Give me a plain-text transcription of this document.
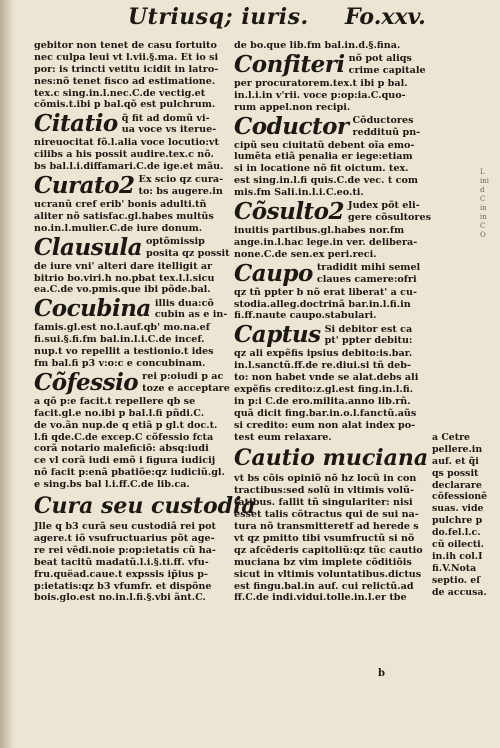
Utriusq; iuris. Fo.xxv.
gebitor non tenet de casu fortuito
nec culpa leui vt l.vii.§.ma. Et io si
por: is trincti vetitu icidit in latro-
nes:nõ tenet fisco ad estimatione.
tex.c sing.in.l.nec.C.de vectig.et
cõmis.t.ibi p bal.qõ est pulchrum.
Citatio q̃ fit ad domũ vi-
ua voce vs iterue-
nireuocitat fõ.l.alia voce locutio:vt
cilibs a his possit audire.tex.c nõ.
bs bal.l.i.diffamari.C.de ige.et mãu.
Curato2 Ex scio qz cura-
to: bs augere.in
ucranũ cref erib' bonis adulti.tñ
aliter nõ satisfac.gl.habes multũs
no.in.l.mulier.C.de iure donum.
Clausula optõmissip
posita qz possit
de iure vni' alteri dare itelligit ar
bitrio bo.viri.h no.pbat tex.l.l.sicu
ea.C.de vo.pmis.que ibi põde.bal.
Cocubina illis dua:cõ
cubin as e in-
famis.gl.est no.l.auf.qb' mo.na.ef
fi.sui.§.fi.fm bal.in.l.i.C.de incef.
nup.t vo repellit a testionio.t ides
fm bal.fi p3 v:o:c e concubinam.
Cõfessio rei p:oiudi p ac
toze e acceptare
a qõ p:e facit.t repellere qb se
facit.gl.e no.ibi p bal.l.fi pñdi.C.
de vo.ãn nup.de q etiã p gl.t doc.t.
l.fi qde.C.de excep.C cõfessio fcta
corã notario maleficiõ: absq:iudi
ce vl corã iudi emõ i figura iudicij
nõ facit p:enã pbatiõe:qz iudiciũ.gl.
e sing.bs bal l.i.ff.C.de lib.ca.
Cura seu custodia
Jlle q b3 curã seu custodiã rei pot
agere.t iõ vsufructuarius põt age-
re rei vẽdi.noie p:op:ietatis cũ ha-
beat tacitũ madatũ.l.i.§.ti.ff. vfu-
fru.quëad.caue.t expssis ip̃ius p-
p:ietatis:qz b3 vfumfr. et dispõne
bois.glo.est no.in.l.fi.§.vbi ãnt.C.
de bo.que lib.fm bal.in.d.§.fina.
Confiteri nõ pot aliqs
crime capitale
per procuratorem.tex.t ibi p bal.
in.l.i.in v'rii. voce p:op:ia.C.quo-
rum appel.non recipi.
Coductor Cõductores
reddituũ pn-
cipũ seu ciuitatũ debent oĩa emo-
lumẽta etiã penalia er iege:etiam
si in locatione nõ fit oictum. tex.
est sing.in.l.fi quis.C.de vec. t com
mis.fm Sali.in.l.i.C.eo.ti.
Cõsulto2 Judex põt eli-
gere cõsultores
inuitis partibus.gl.habes nor.fm
ange.in.l.hac lege.in ver. delibera-
none.C.de sen.ex peri.reci.
Caupo tradidit mihi semel
claues camere:ofri
qz tñ ppter b nõ erat liberat' a cu-
stodia.alleg.doctrinã bar.in.l.fi.in
fi.ff.naute caupo.stabulari.
Captus Si debitor est ca
pt' ppter debitu:
qz ali expẽfis ipsius debito:is.bar.
in.l.sanctũ.ff.de re.diui.si tñ deb-
to: non habet vnde se alat.debs ali
expẽfis credito:z.gl.est fing.in.l.fi.
in p:i C.de ero.milita.anno lib.rñ.
quã dicit fing.bar.in.o.l.fanctũ.aũs
si credito: eum non alat index po-
test eum relaxare.
Cautio muciana
vt bs cõis opiniõ nõ hz locũ in con
tractibus:sed solũ in vltimis volũ-
tatibus. fallit tñ singulariter: nisi
esset talis cõtractus qui de sui na-
tura nõ transmitteretf ad herede s
vt qz pmitto tibi vsumfructũ si nõ
qz afcẽderis capitoliũ:qz tũc cautio
muciana bz vim implete cõditiõis
sicut in vltimis voluntatibus.dictus
est fingu.bal.in auf. cui relictũ.ad
ff.C.de indi.vidui.tolle.in.l.er tbe
a Cetre
pellere.in
auf. et q̃i
qs possit
declarare
cõfessionẽ
suas. vide
pulchre p
do.fel.l.c.
cũ oilecti.
in.ih col.I
fi.V.Nota
septio. eſ
de accusa.
L
ini
d
C
in
in
C
O
b
